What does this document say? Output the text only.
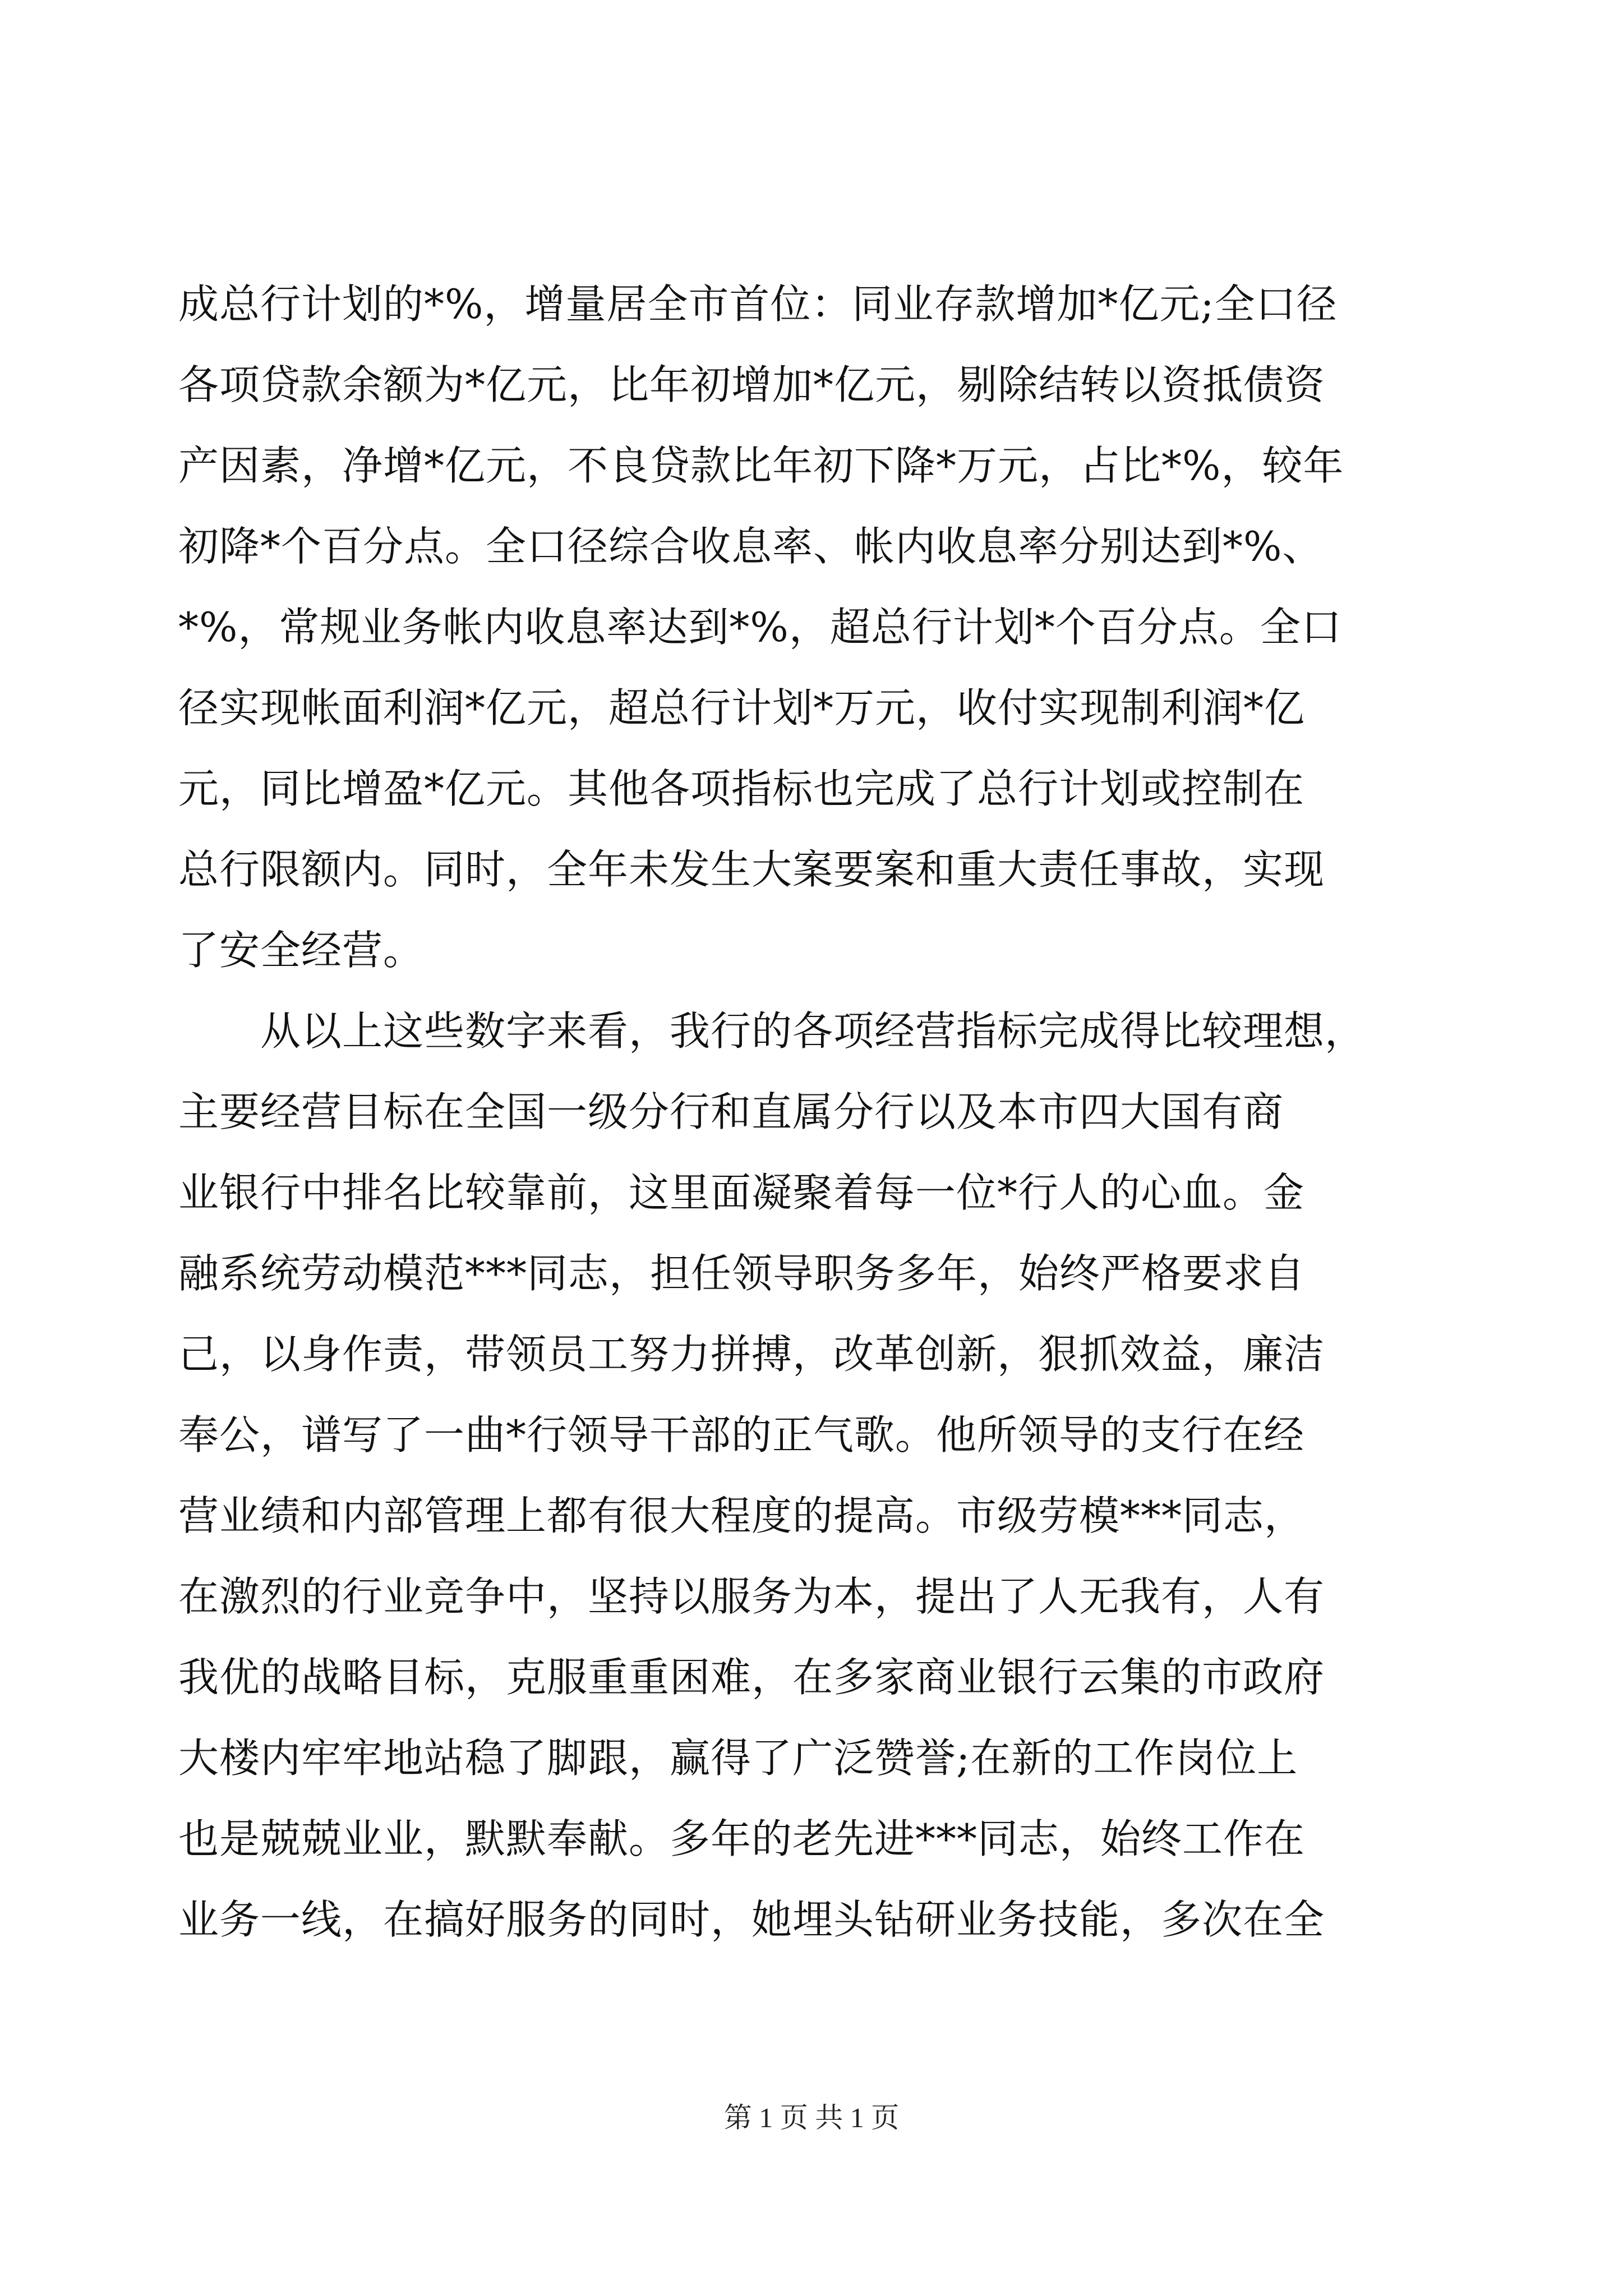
成总行计划的*%，增量居全市首位：同业存款增加*亿元;全口径
各项贷款余额为*亿元，比年初增加*亿元，剔除结转以资抵债资
产因素，净增*亿元，不良贷款比年初下降*万元，占比*%，较年
初降*个百分点。全口径综合收息率、帐内收息率分别达到*%、
*%，常规业务帐内收息率达到*%，超总行计划*个百分点。全口
径实现帐面利润*亿元，超总行计划*万元，收付实现制利润*亿
元，同比增盈*亿元。其他各项指标也完成了总行计划或控制在
总行限额内。同时，全年未发生大案要案和重大责任事故，实现
了安全经营。
　　从以上这些数字来看，我行的各项经营指标完成得比较理想，
主要经营目标在全国一级分行和直属分行以及本市四大国有商
业银行中排名比较靠前，这里面凝聚着每一位*行人的心血。金
融系统劳动模范***同志，担任领导职务多年，始终严格要求自
己，以身作责，带领员工努力拼搏，改革创新，狠抓效益，廉洁
奉公，谱写了一曲*行领导干部的正气歌。他所领导的支行在经
营业绩和内部管理上都有很大程度的提高。市级劳模***同志，
在激烈的行业竞争中，坚持以服务为本，提出了人无我有，人有
我优的战略目标，克服重重困难，在多家商业银行云集的市政府
大楼内牢牢地站稳了脚跟，赢得了广泛赞誉;在新的工作岗位上
也是兢兢业业，默默奉献。多年的老先进***同志，始终工作在
业务一线，在搞好服务的同时，她埋头钻研业务技能，多次在全
第 1 页 共 1 页
